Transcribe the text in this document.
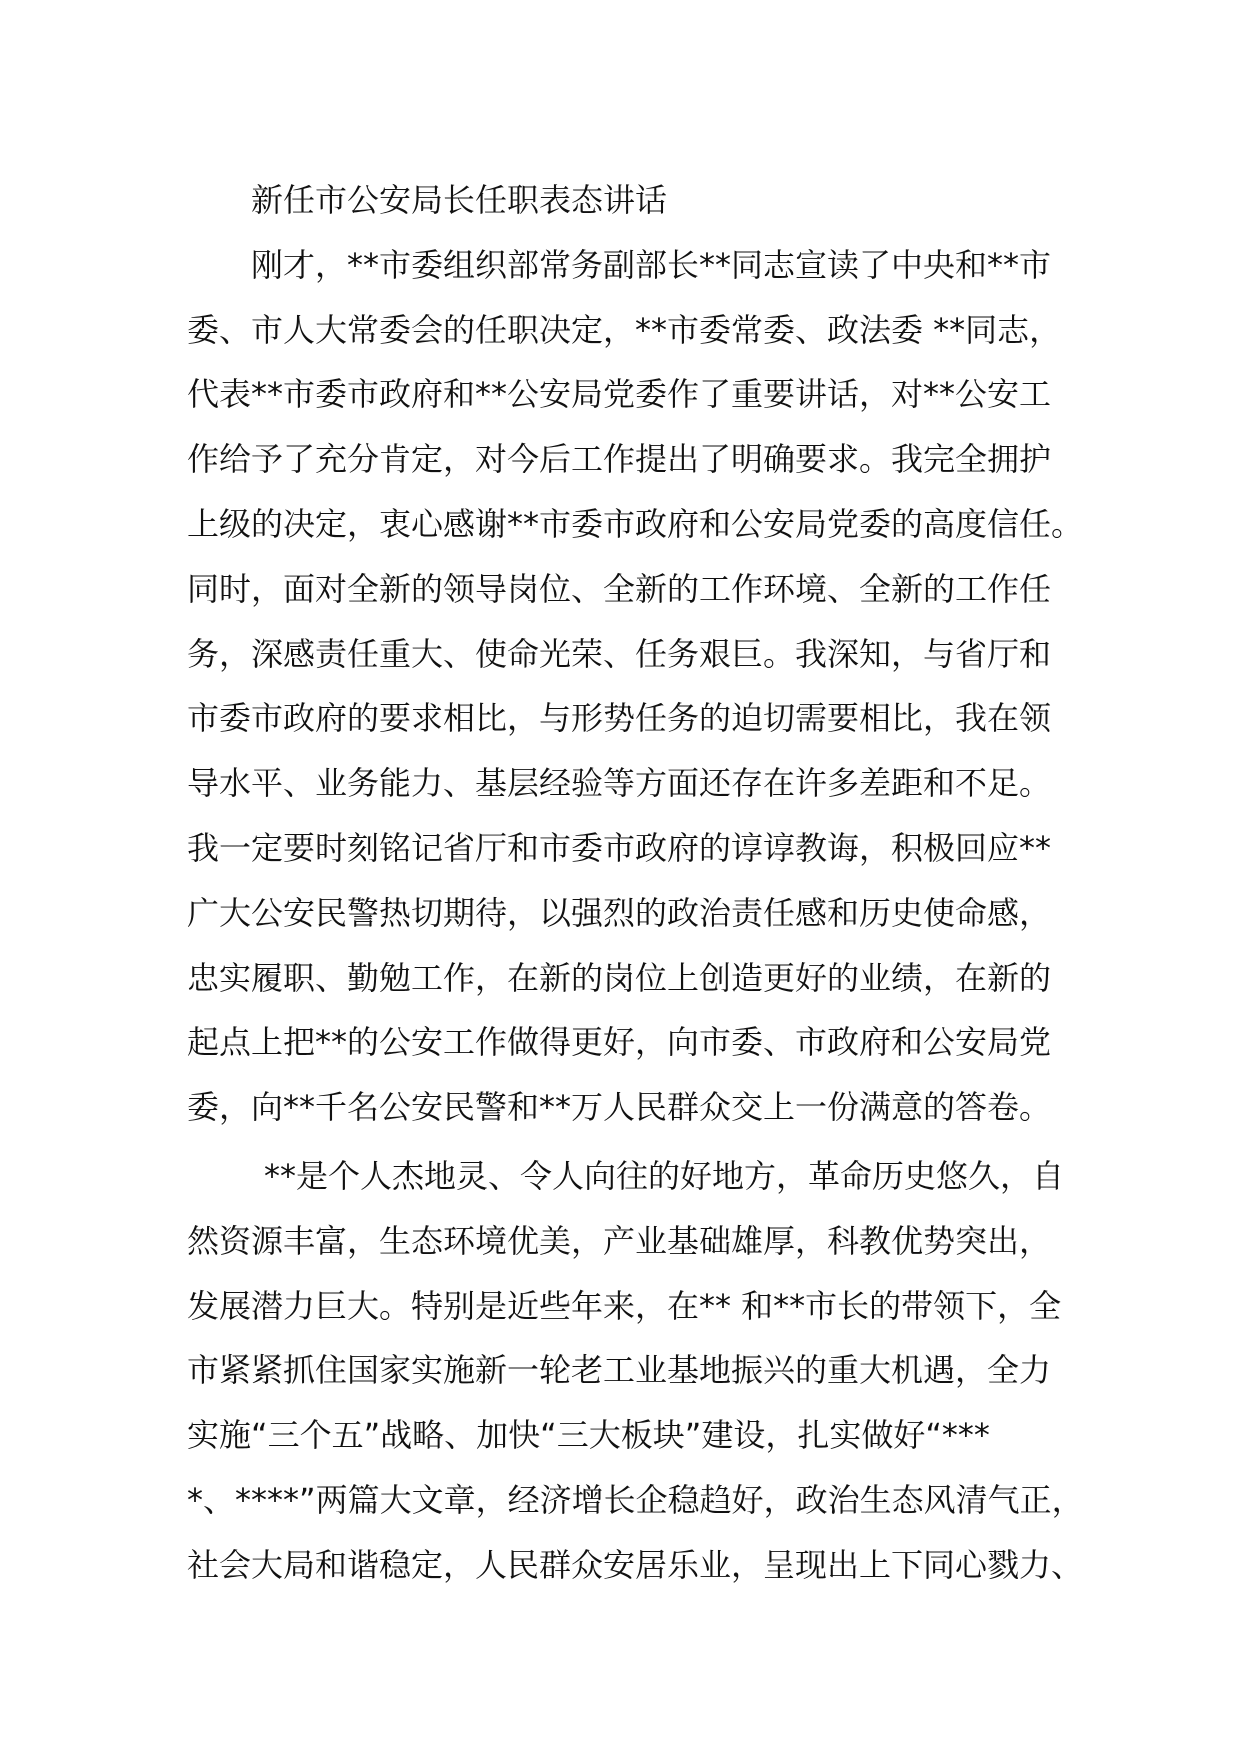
新任市公安局长任职表态讲话
刚才，**市委组织部常务副部长**同志宣读了中央和**市
委、市人大常委会的任职决定，**市委常委、政法委 **同志，
代表**市委市政府和**公安局党委作了重要讲话，对**公安工
作给予了充分肯定，对今后工作提出了明确要求。我完全拥护
上级的决定，衷心感谢**市委市政府和公安局党委的高度信任。
同时，面对全新的领导岗位、全新的工作环境、全新的工作任
务，深感责任重大、使命光荣、任务艰巨。我深知，与省厅和
市委市政府的要求相比，与形势任务的迫切需要相比，我在领
导水平、业务能力、基层经验等方面还存在许多差距和不足。
我一定要时刻铭记省厅和市委市政府的谆谆教诲，积极回应**
广大公安民警热切期待，以强烈的政治责任感和历史使命感，
忠实履职、勤勉工作，在新的岗位上创造更好的业绩，在新的
起点上把**的公安工作做得更好，向市委、市政府和公安局党
委，向**千名公安民警和**万人民群众交上一份满意的答卷。
**是个人杰地灵、令人向往的好地方，革命历史悠久，自
然资源丰富，生态环境优美，产业基础雄厚，科教优势突出，
发展潜力巨大。特别是近些年来，在** 和**市长的带领下，全
市紧紧抓住国家实施新一轮老工业基地振兴的重大机遇，全力
实施“三个五”战略、加快“三大板块”建设，扎实做好“***
*、****”两篇大文章，经济增长企稳趋好，政治生态风清气正，
社会大局和谐稳定，人民群众安居乐业，呈现出上下同心戮力、
